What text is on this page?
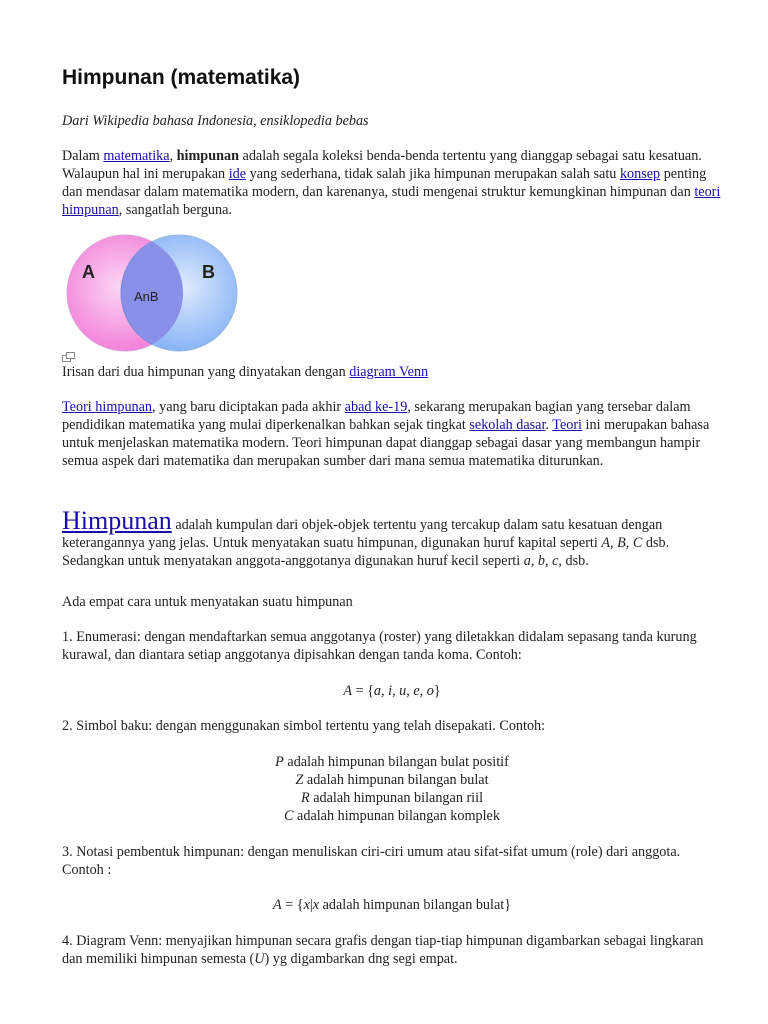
Himpunan (matematika)

Dari Wikipedia bahasa Indonesia, ensiklopedia bebas

Dalam matematika, himpunan adalah segala koleksi benda-benda tertentu yang dianggap sebagai satu kesatuan. Walaupun hal ini merupakan ide yang sederhana, tidak salah jika himpunan merupakan salah satu konsep penting dan mendasar dalam matematika modern, dan karenanya, studi mengenai struktur kemungkinan himpunan dan teori himpunan, sangatlah berguna.

A	B
AnB

Irisan dari dua himpunan yang dinyatakan dengan diagram Venn

Teori himpunan, yang baru diciptakan pada akhir abad ke-19, sekarang merupakan bagian yang tersebar dalam pendidikan matematika yang mulai diperkenalkan bahkan sejak tingkat sekolah dasar. Teori ini merupakan bahasa untuk menjelaskan matematika modern. Teori himpunan dapat dianggap sebagai dasar yang membangun hampir semua aspek dari matematika dan merupakan sumber dari mana semua matematika diturunkan.

Himpunan adalah kumpulan dari objek-objek tertentu yang tercakup dalam satu kesatuan dengan keterangannya yang jelas. Untuk menyatakan suatu himpunan, digunakan huruf kapital seperti A, B, C dsb. Sedangkan untuk menyatakan anggota-anggotanya digunakan huruf kecil seperti a, b, c, dsb.

Ada empat cara untuk menyatakan suatu himpunan

1. Enumerasi: dengan mendaftarkan semua anggotanya (roster) yang diletakkan didalam sepasang tanda kurung kurawal, dan diantara setiap anggotanya dipisahkan dengan tanda koma. Contoh:

A = {a, i, u, e, o}

2. Simbol baku: dengan menggunakan simbol tertentu yang telah disepakati. Contoh:

P adalah himpunan bilangan bulat positif
Z adalah himpunan bilangan bulat
R adalah himpunan bilangan riil
C adalah himpunan bilangan komplek

3. Notasi pembentuk himpunan: dengan menuliskan ciri-ciri umum atau sifat-sifat umum (role) dari anggota. Contoh :

A = {x|x adalah himpunan bilangan bulat}

4. Diagram Venn: menyajikan himpunan secara grafis dengan tiap-tiap himpunan digambarkan sebagai lingkaran dan memiliki himpunan semesta (U) yg digambarkan dng segi empat.
